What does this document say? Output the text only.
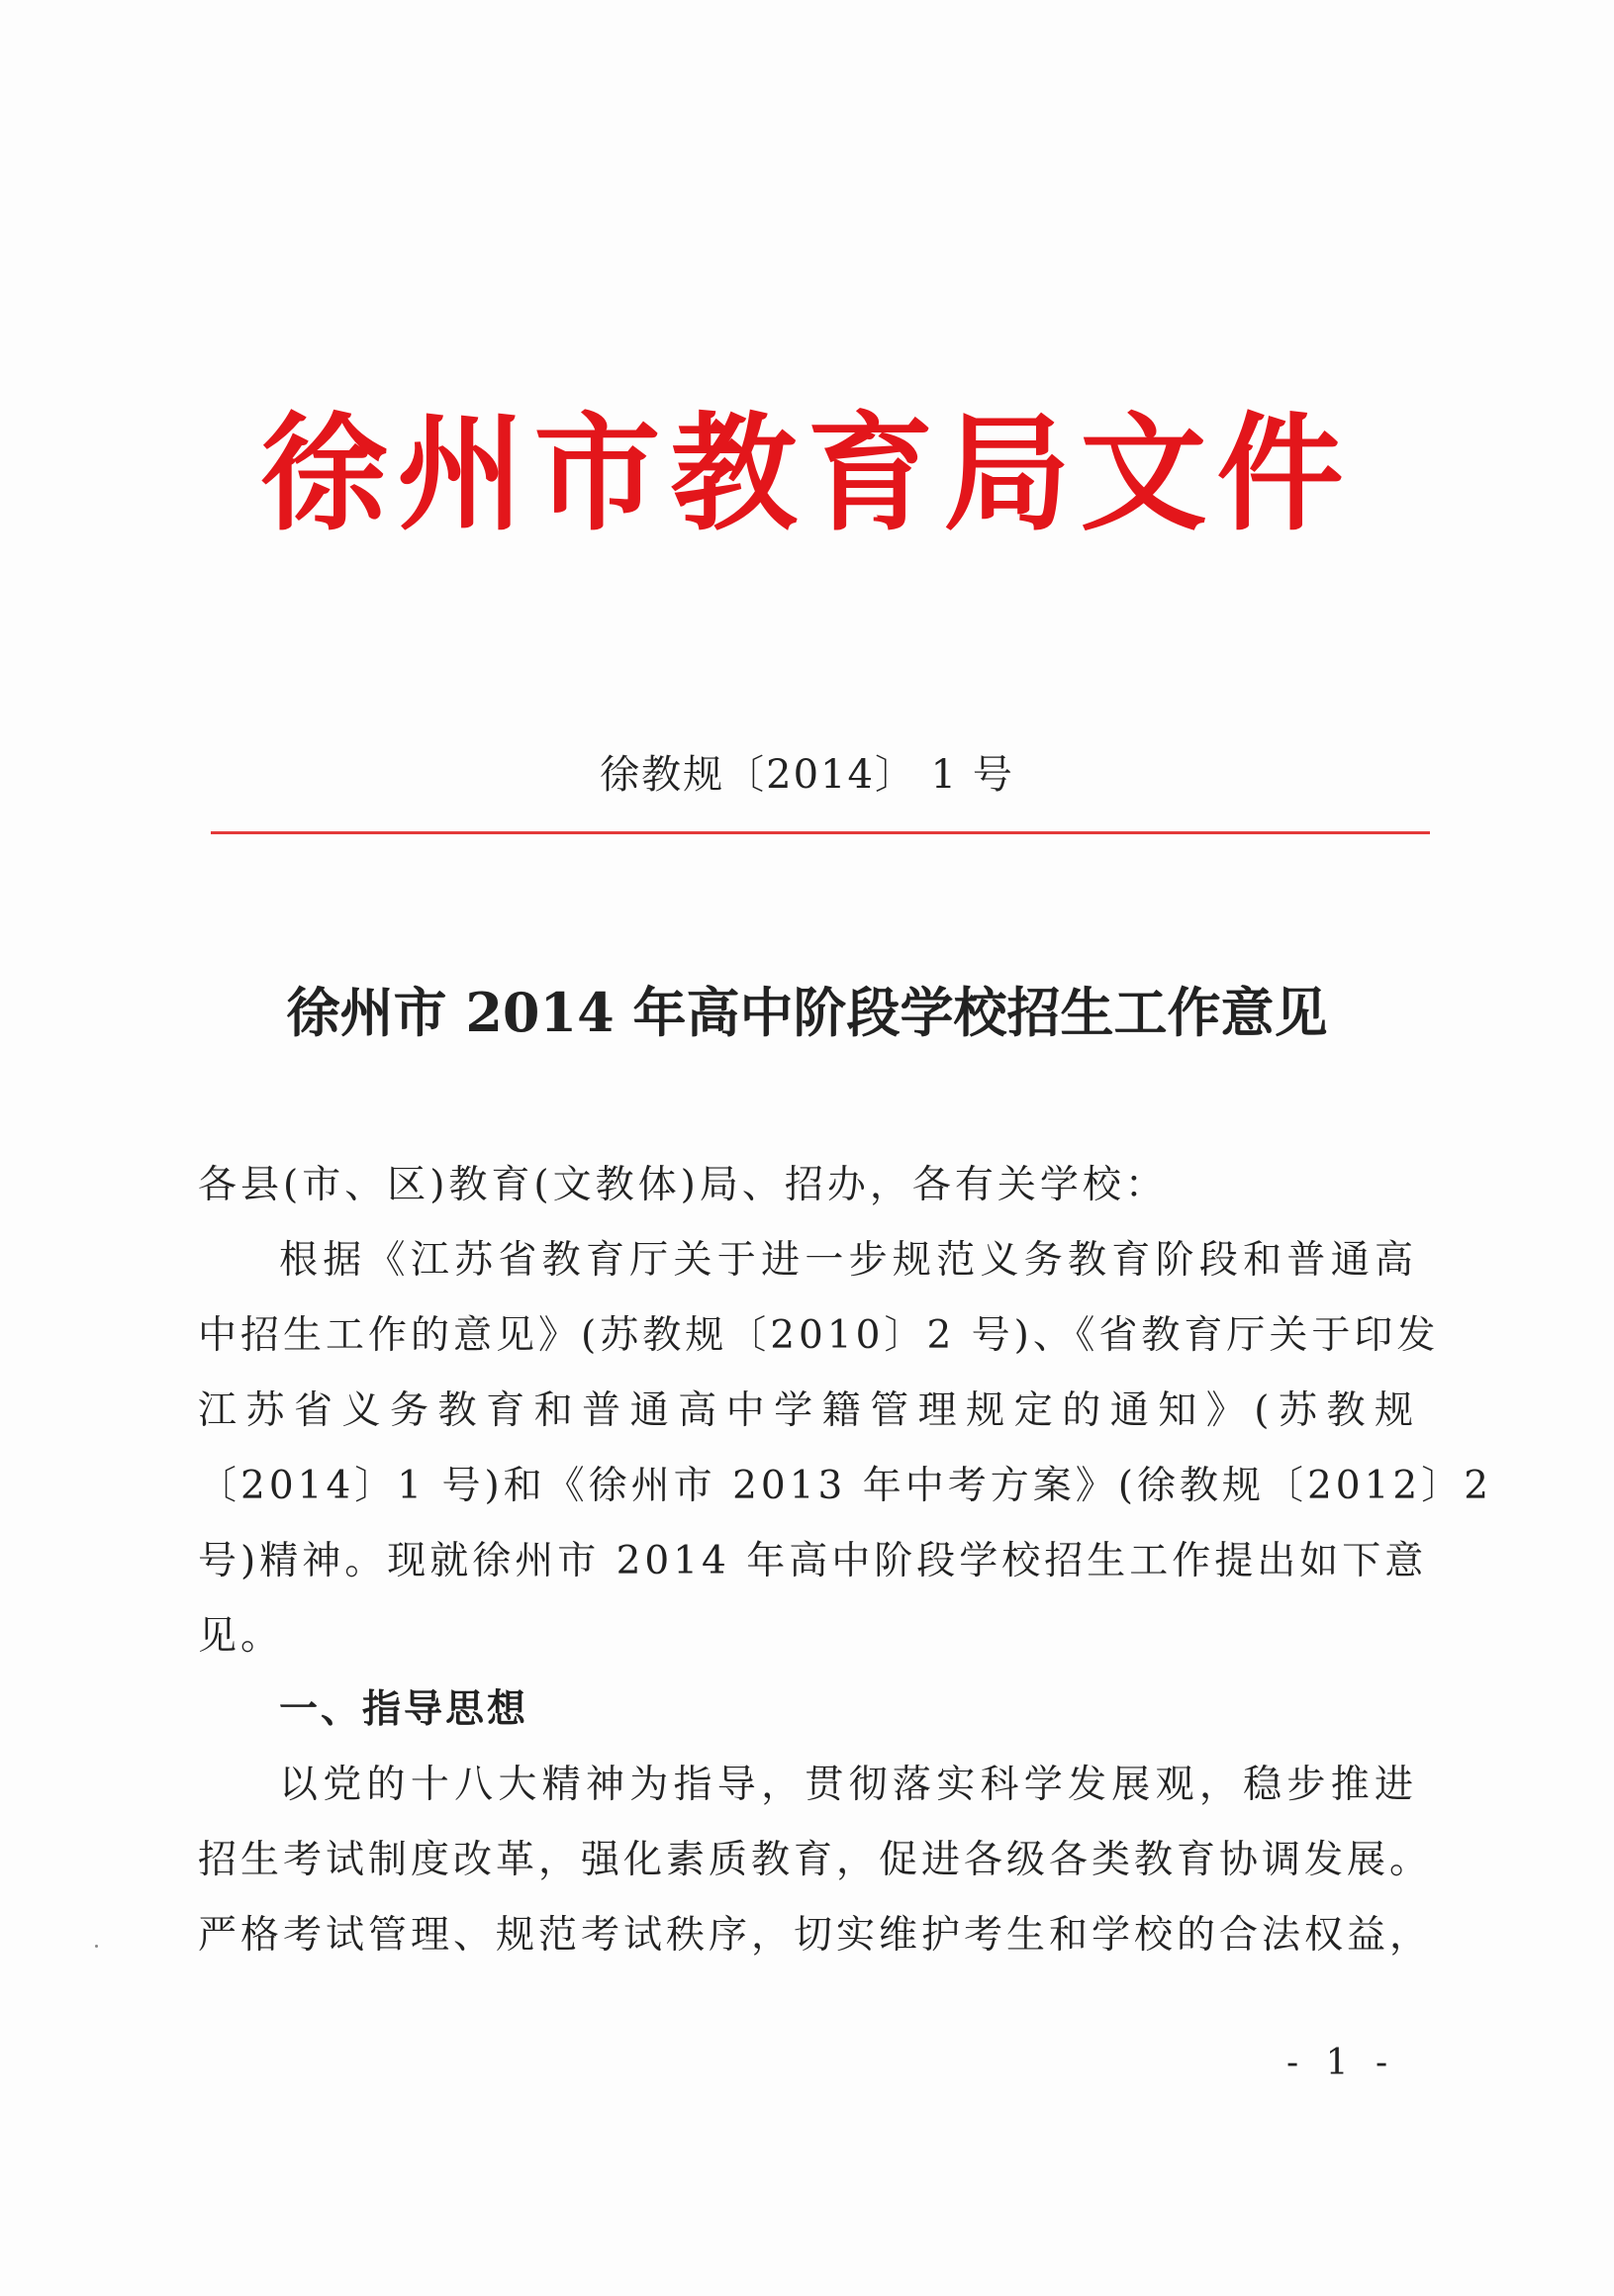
徐州市教育局文件
徐教规〔2014〕 1 号
徐州市 2014 年高中阶段学校招生工作意见
各县(市、区)教育(文教体)局、招办，各有关学校：
根据《江苏省教育厅关于进一步规范义务教育阶段和普通高
中招生工作的意见》(苏教规〔2010〕2 号)、《省教育厅关于印发
江苏省义务教育和普通高中学籍管理规定的通知》(苏教规
〔2014〕1 号)和《徐州市 2013 年中考方案》(徐教规〔2012〕2
号)精神。现就徐州市 2014 年高中阶段学校招生工作提出如下意
见。
一、指导思想
以党的十八大精神为指导，贯彻落实科学发展观，稳步推进
招生考试制度改革，强化素质教育，促进各级各类教育协调发展。
严格考试管理、规范考试秩序，切实维护考生和学校的合法权益，
- 1 -
